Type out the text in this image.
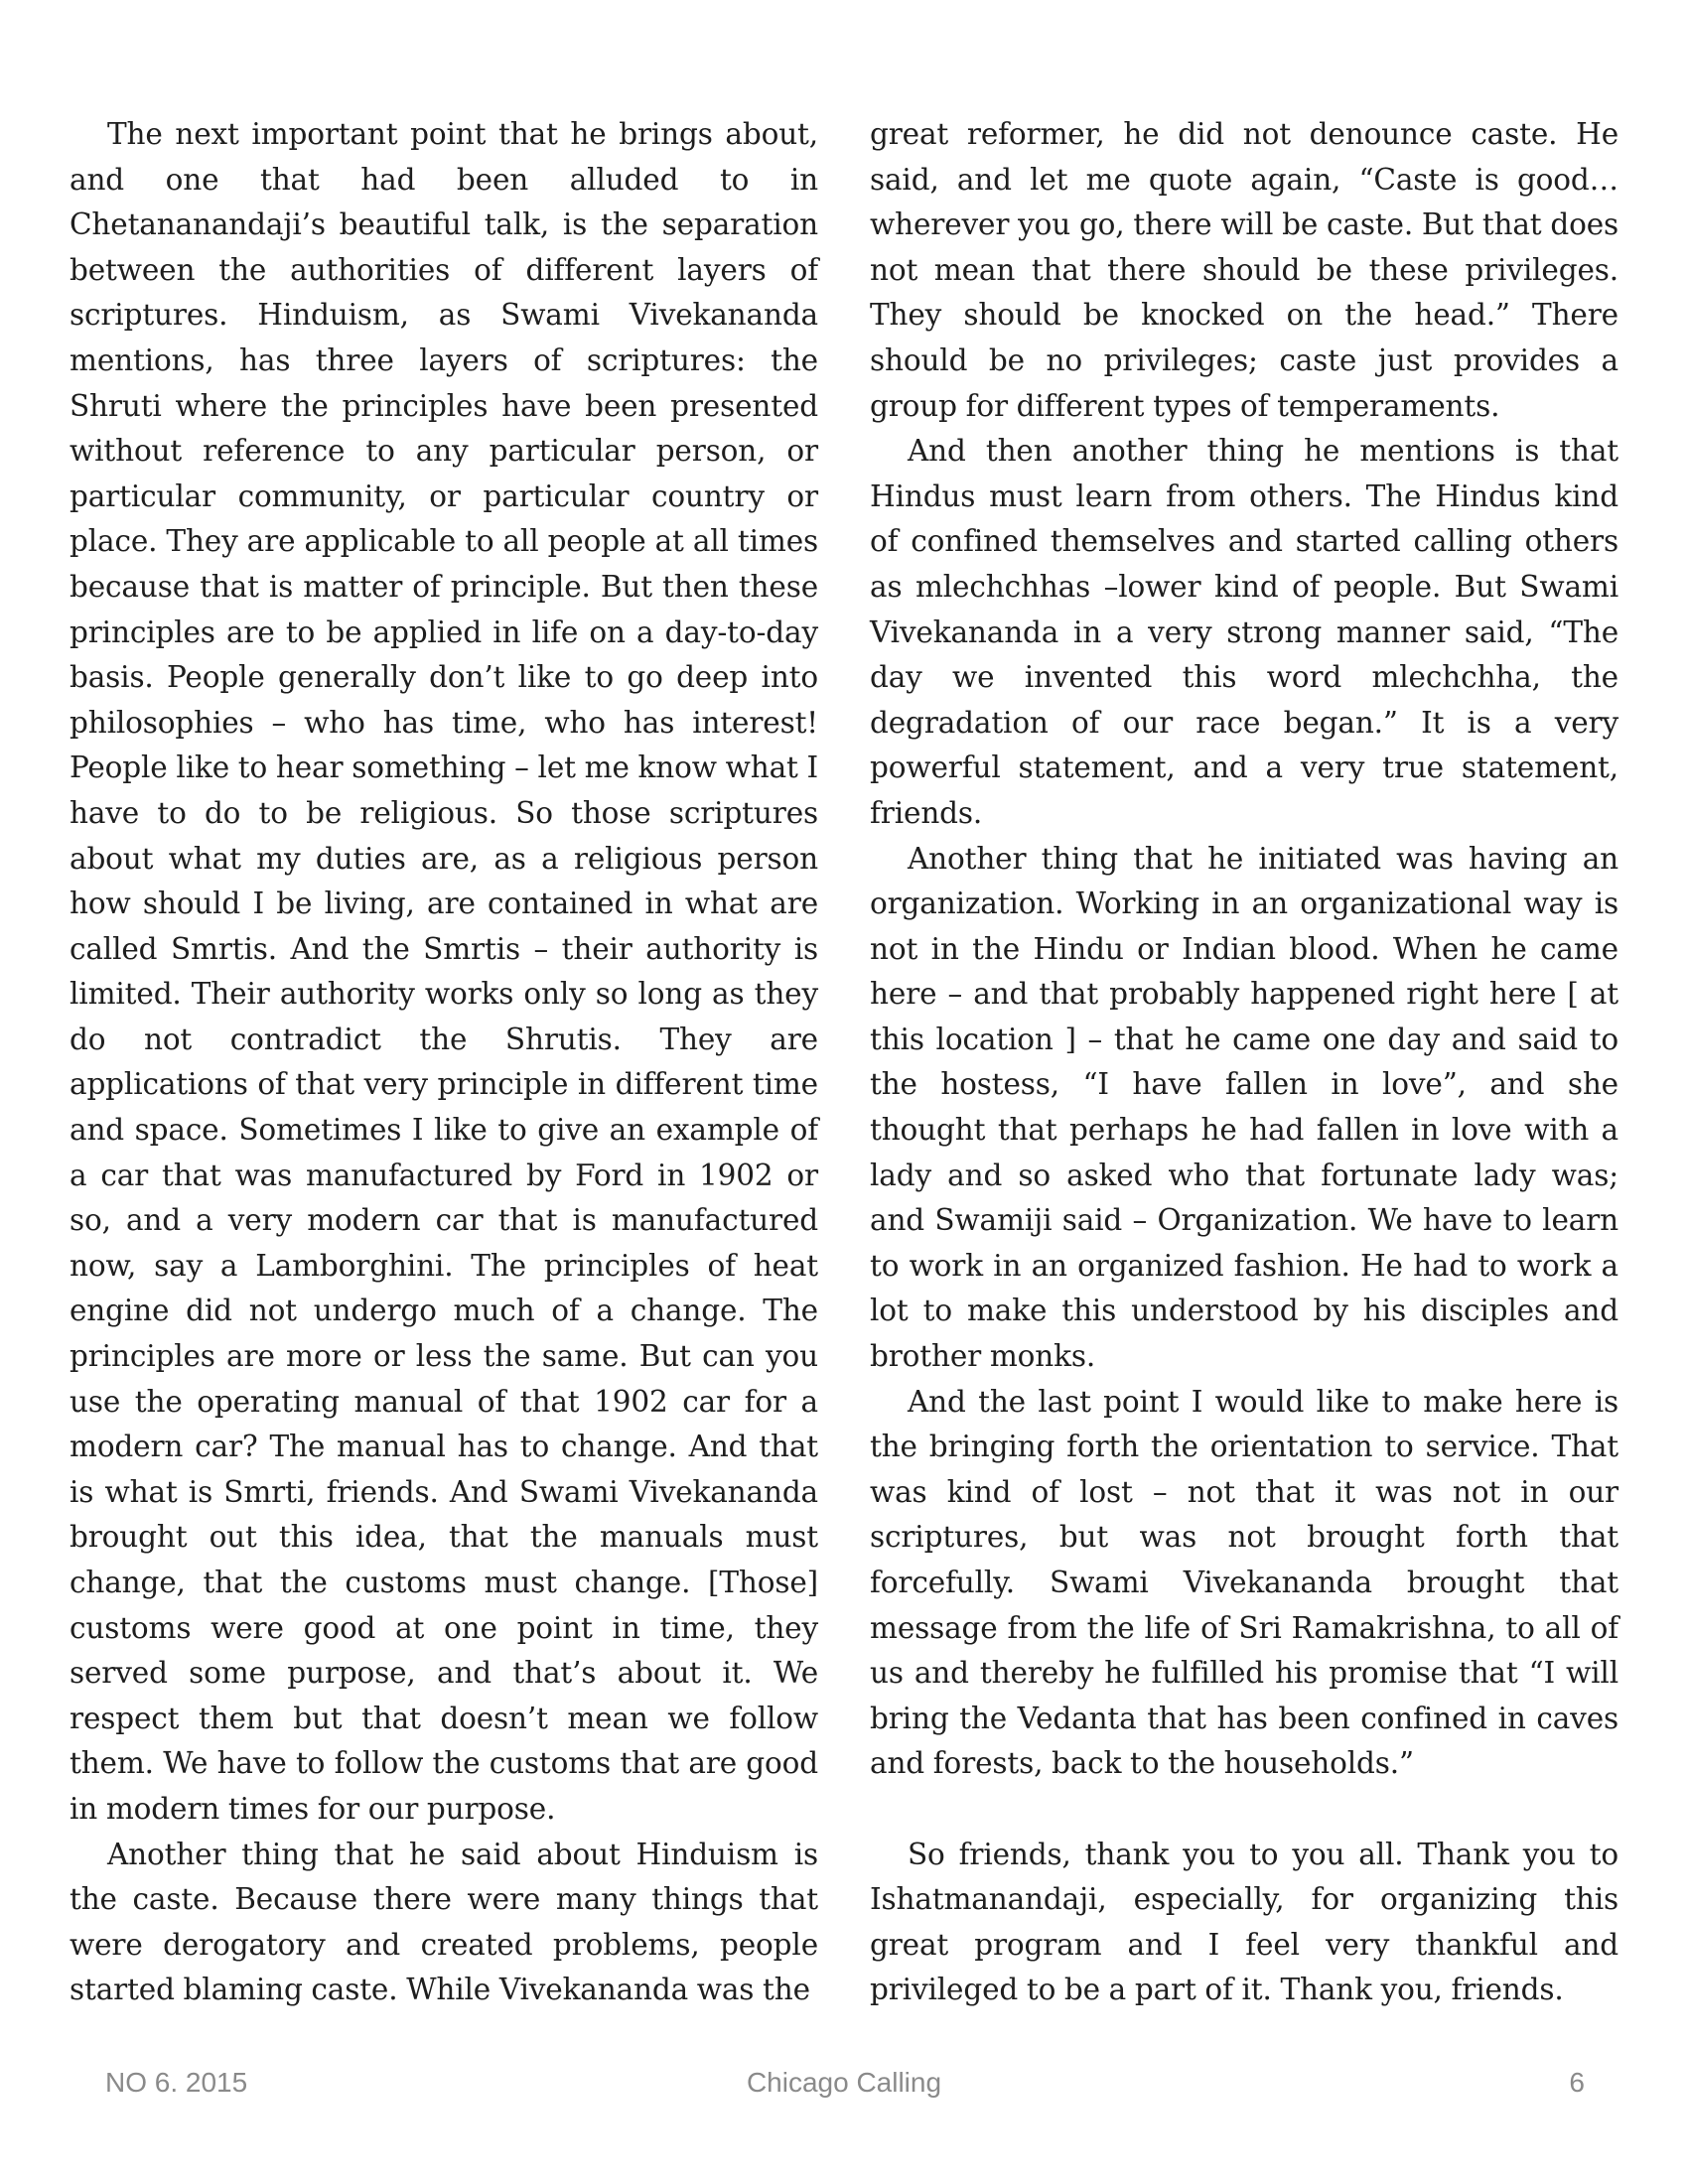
The next important point that he brings about, and one that had been alluded to in Chetananandaji’s beautiful talk, is the separation between the authorities of different layers of scriptures. Hinduism, as Swami Vivekananda mentions, has three layers of scriptures: the Shruti where the principles have been presented without reference to any particular person, or particular community, or particular country or place. They are applicable to all people at all times because that is matter of principle. But then these principles are to be applied in life on a day-to-day basis. People generally don’t like to go deep into philosophies – who has time, who has interest! People like to hear something – let me know what I have to do to be religious. So those scriptures about what my duties are, as a religious person how should I be living, are contained in what are called Smrtis. And the Smrtis – their authority is limited. Their authority works only so long as they do not contradict the Shrutis. They are applications of that very principle in different time and space. Sometimes I like to give an example of a car that was manufactured by Ford in 1902 or so, and a very modern car that is manufactured now, say a Lamborghini. The principles of heat engine did not undergo much of a change. The principles are more or less the same. But can you use the operating manual of that 1902 car for a modern car? The manual has to change. And that is what is Smrti, friends. And Swami Vivekananda brought out this idea, that the manuals must change, that the customs must change. [Those] customs were good at one point in time, they served some purpose, and that’s about it. We respect them but that doesn’t mean we follow them. We have to follow the customs that are good in modern times for our purpose.

Another thing that he said about Hinduism is the caste. Because there were many things that were derogatory and created problems, people started blaming caste. While Vivekananda was the

great reformer, he did not denounce caste. He said, and let me quote again, “Caste is good…wherever you go, there will be caste. But that does not mean that there should be these privileges. They should be knocked on the head.” There should be no privileges; caste just provides a group for different types of temperaments.

And then another thing he mentions is that Hindus must learn from others. The Hindus kind of confined themselves and started calling others as mlechchhas –lower kind of people. But Swami Vivekananda in a very strong manner said, “The day we invented this word mlechchha, the degradation of our race began.” It is a very powerful statement, and a very true statement, friends.

Another thing that he initiated was having an organization. Working in an organizational way is not in the Hindu or Indian blood. When he came here – and that probably happened right here [ at this location ] – that he came one day and said to the hostess, “I have fallen in love”, and she thought that perhaps he had fallen in love with a lady and so asked who that fortunate lady was; and Swamiji said – Organization. We have to learn to work in an organized fashion. He had to work a lot to make this understood by his disciples and brother monks.

And the last point I would like to make here is the bringing forth the orientation to service. That was kind of lost – not that it was not in our scriptures, but was not brought forth that forcefully. Swami Vivekananda brought that message from the life of Sri Ramakrishna, to all of us and thereby he fulfilled his promise that “I will bring the Vedanta that has been confined in caves and forests, back to the households.”

So friends, thank you to you all. Thank you to Ishatmanandaji, especially, for organizing this great program and I feel very thankful and privileged to be a part of it. Thank you, friends.

NO 6. 2015	Chicago Calling	6
